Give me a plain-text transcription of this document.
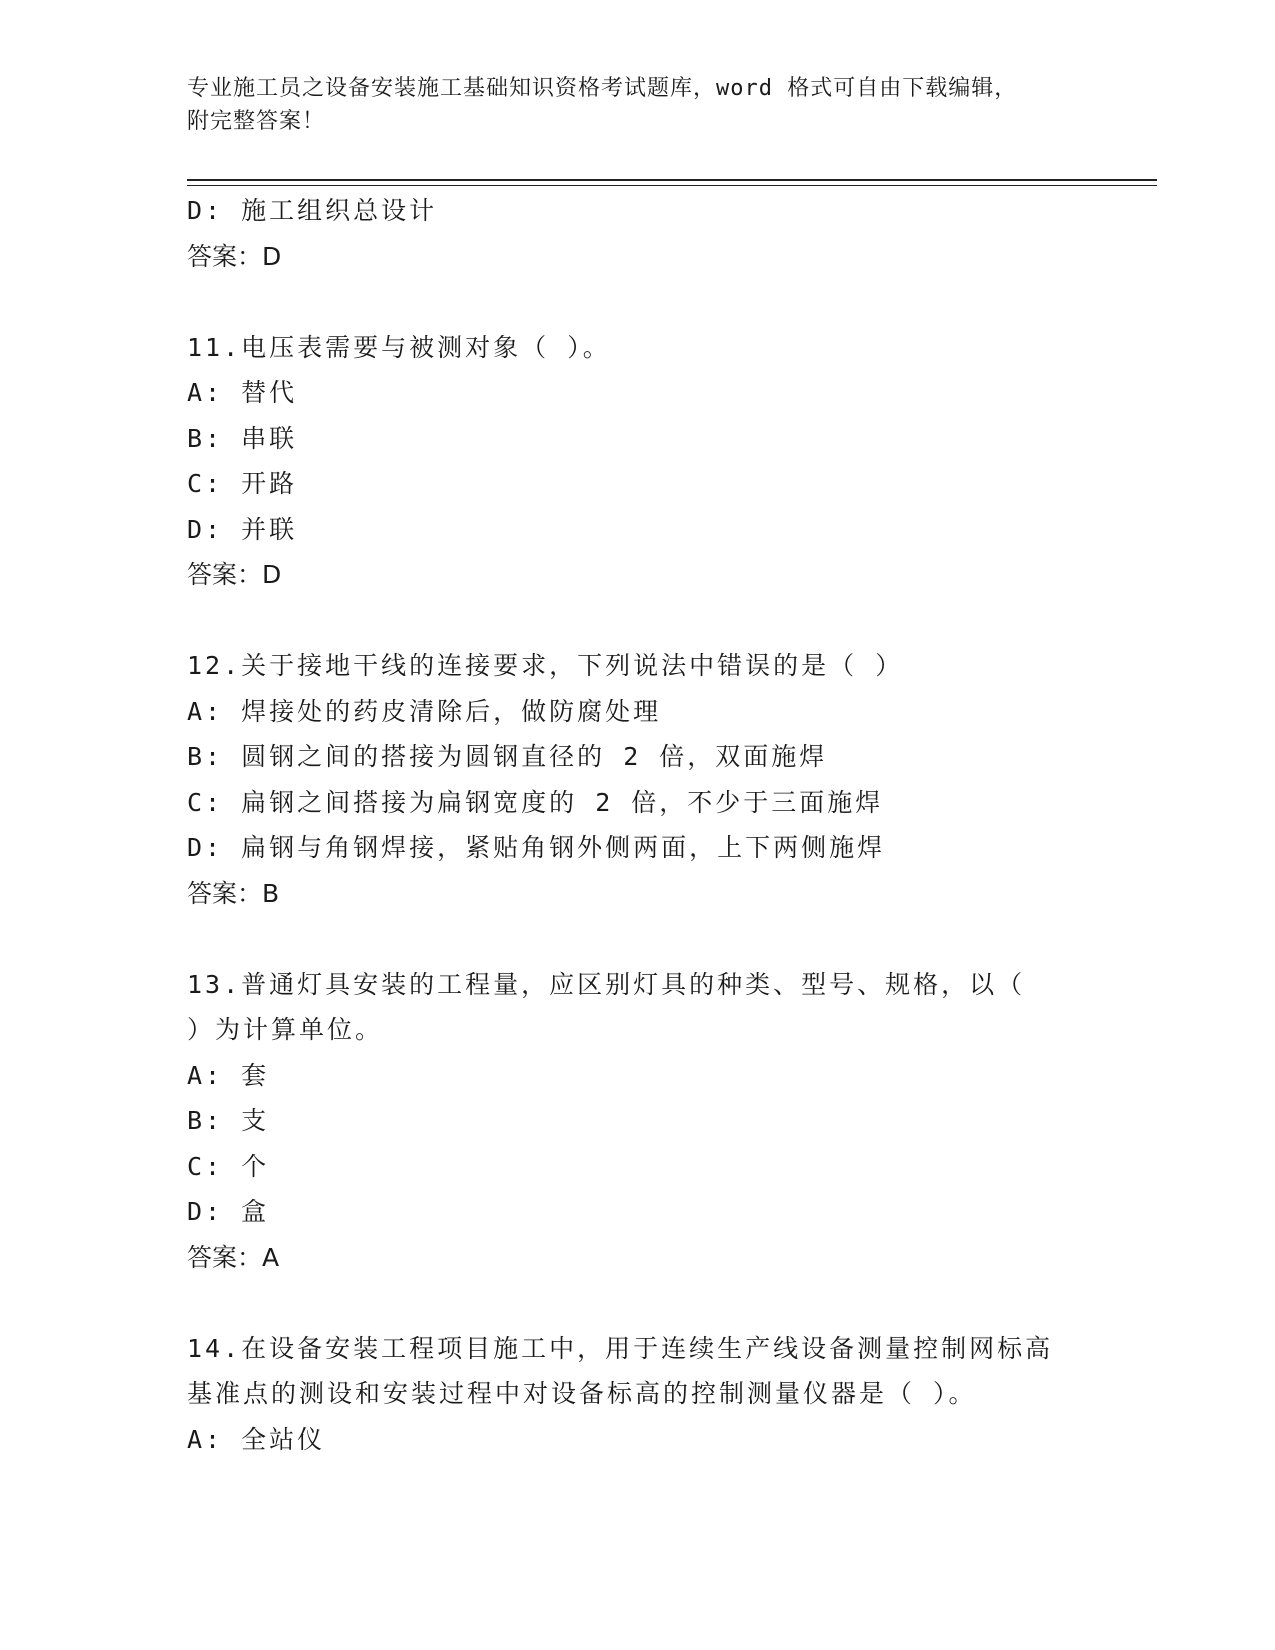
专业施工员之设备安装施工基础知识资格考试题库，word 格式可自由下载编辑，
附完整答案！
D: 施工组织总设计
答案：D
11.电压表需要与被测对象（ ）。
A: 替代
B: 串联
C: 开路
D: 并联
答案：D
12.关于接地干线的连接要求，下列说法中错误的是（ ）
A: 焊接处的药皮清除后，做防腐处理
B: 圆钢之间的搭接为圆钢直径的 2 倍，双面施焊
C: 扁钢之间搭接为扁钢宽度的 2 倍，不少于三面施焊
D: 扁钢与角钢焊接，紧贴角钢外侧两面，上下两侧施焊
答案：B
13.普通灯具安装的工程量，应区别灯具的种类、型号、规格，以（
）为计算单位。
A: 套
B: 支
C: 个
D: 盒
答案：A
14.在设备安装工程项目施工中，用于连续生产线设备测量控制网标高
基准点的测设和安装过程中对设备标高的控制测量仪器是（ ）。
A: 全站仪
